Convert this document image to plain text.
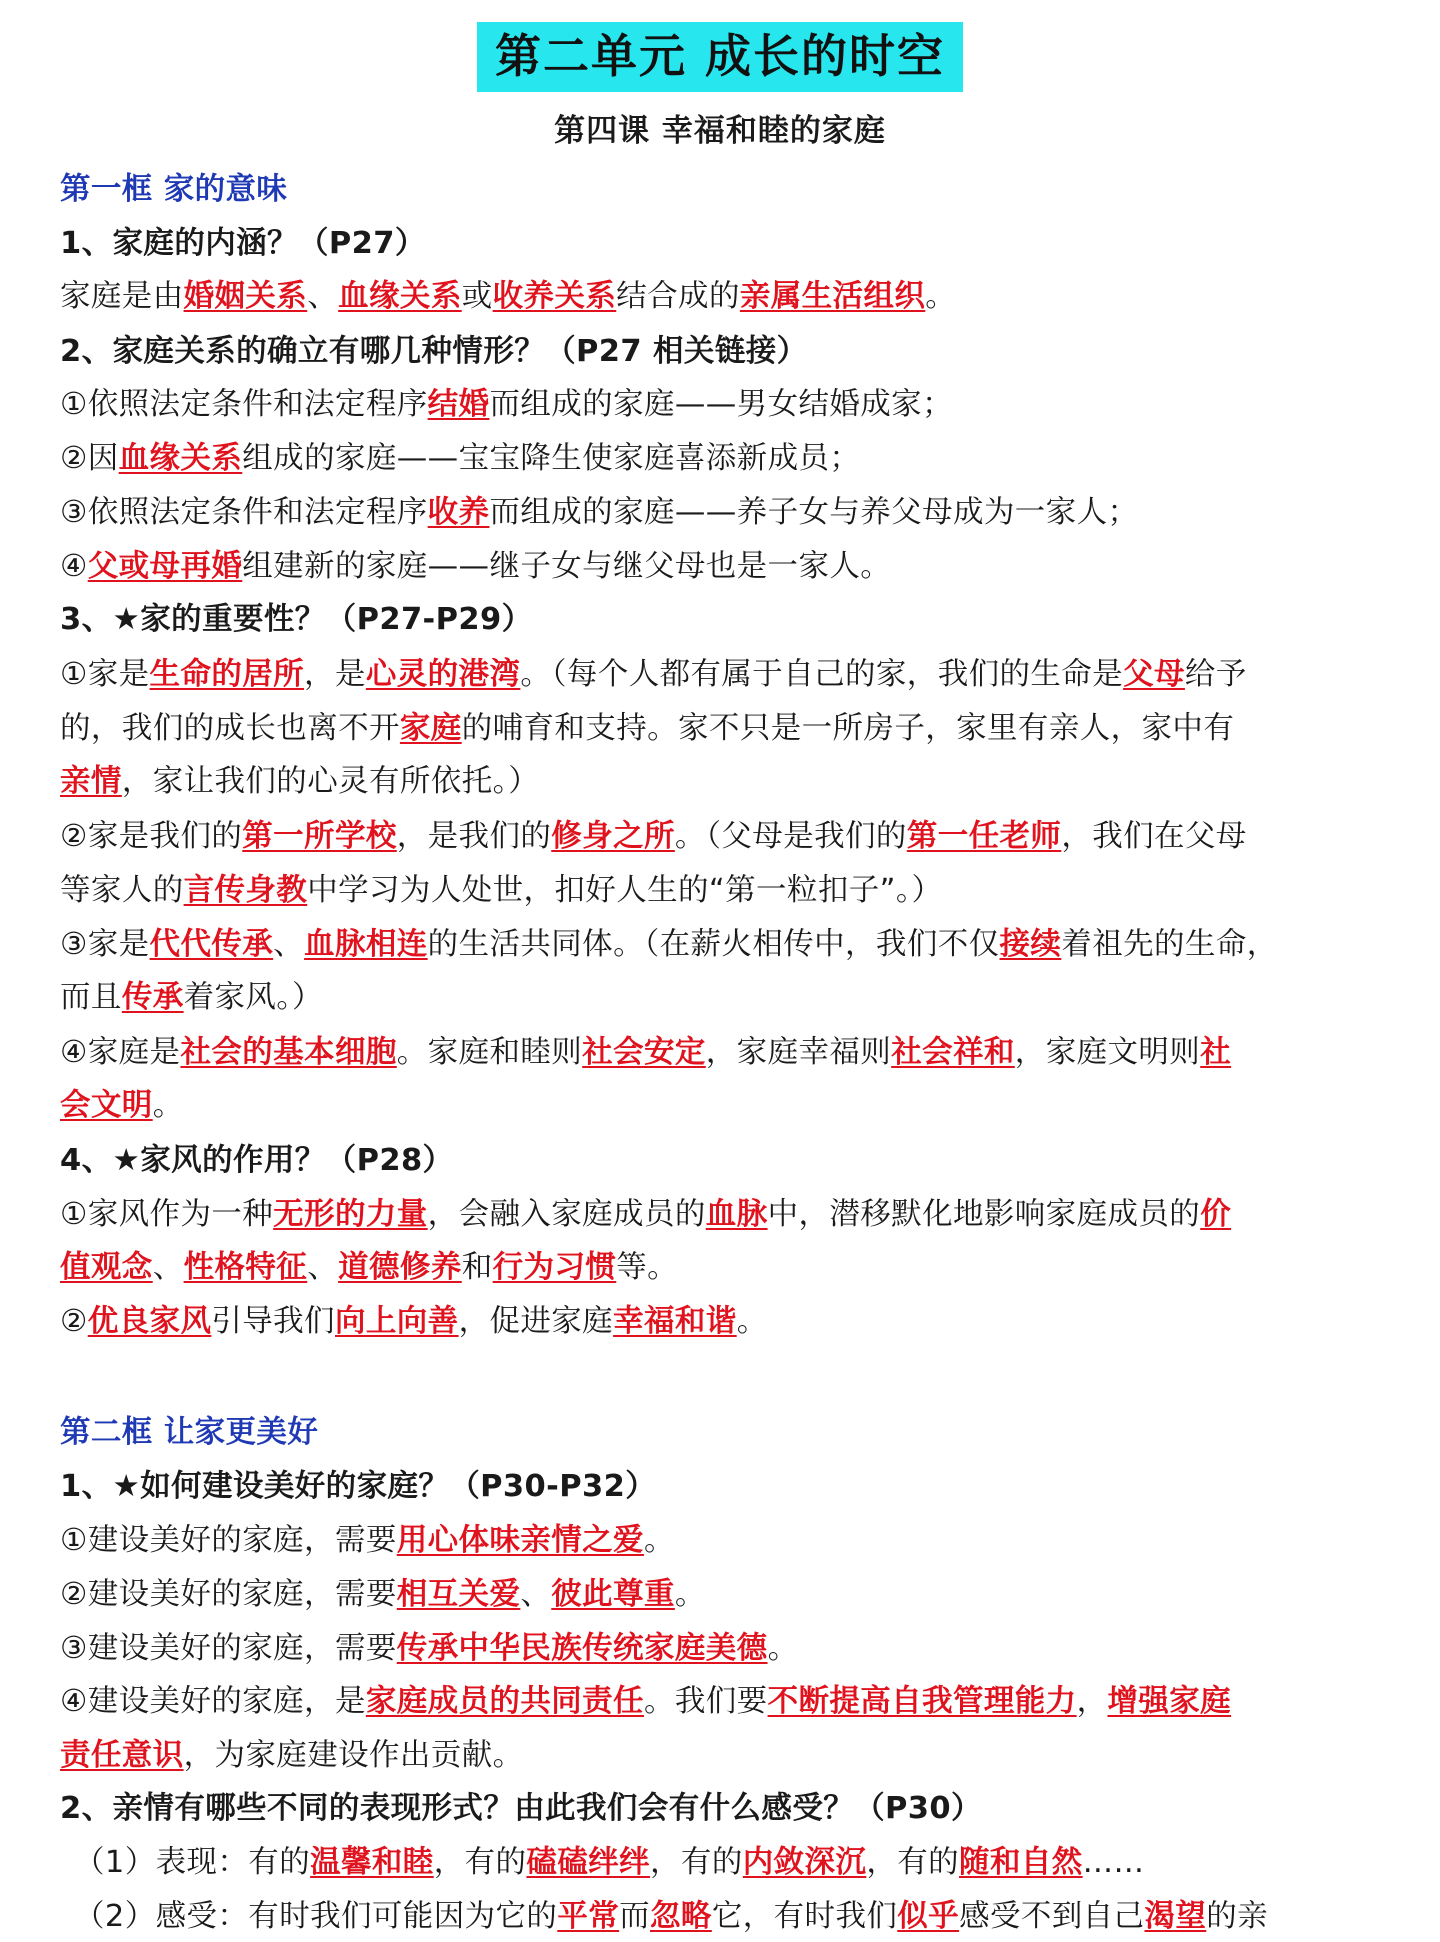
第二单元 成长的时空
第四课 幸福和睦的家庭
第一框 家的意味
1、家庭的内涵？（P27）
家庭是由婚姻关系、血缘关系或收养关系结合成的亲属生活组织。
2、家庭关系的确立有哪几种情形？（P27 相关链接）
①依照法定条件和法定程序结婚而组成的家庭——男女结婚成家；
②因血缘关系组成的家庭——宝宝降生使家庭喜添新成员；
③依照法定条件和法定程序收养而组成的家庭——养子女与养父母成为一家人；
④父或母再婚组建新的家庭——继子女与继父母也是一家人。
3、★家的重要性？（P27-P29）
①家是生命的居所，是心灵的港湾。（每个人都有属于自己的家，我们的生命是父母给予
的，我们的成长也离不开家庭的哺育和支持。家不只是一所房子，家里有亲人，家中有
亲情，家让我们的心灵有所依托。）
②家是我们的第一所学校，是我们的修身之所。（父母是我们的第一任老师，我们在父母
等家人的言传身教中学习为人处世，扣好人生的“第一粒扣子”。）
③家是代代传承、血脉相连的生活共同体。（在薪火相传中，我们不仅接续着祖先的生命，
而且传承着家风。）
④家庭是社会的基本细胞。家庭和睦则社会安定，家庭幸福则社会祥和，家庭文明则社
会文明。
4、★家风的作用？（P28）
①家风作为一种无形的力量，会融入家庭成员的血脉中，潜移默化地影响家庭成员的价
值观念、性格特征、道德修养和行为习惯等。
②优良家风引导我们向上向善，促进家庭幸福和谐。
第二框 让家更美好
1、★如何建设美好的家庭？（P30-P32）
①建设美好的家庭，需要用心体味亲情之爱。
②建设美好的家庭，需要相互关爱、彼此尊重。
③建设美好的家庭，需要传承中华民族传统家庭美德。
④建设美好的家庭，是家庭成员的共同责任。我们要不断提高自我管理能力，增强家庭
责任意识，为家庭建设作出贡献。
2、亲情有哪些不同的表现形式？由此我们会有什么感受？（P30）
（1）表现：有的温馨和睦，有的磕磕绊绊，有的内敛深沉，有的随和自然……
（2）感受：有时我们可能因为它的平常而忽略它，有时我们似乎感受不到自己渴望的亲
